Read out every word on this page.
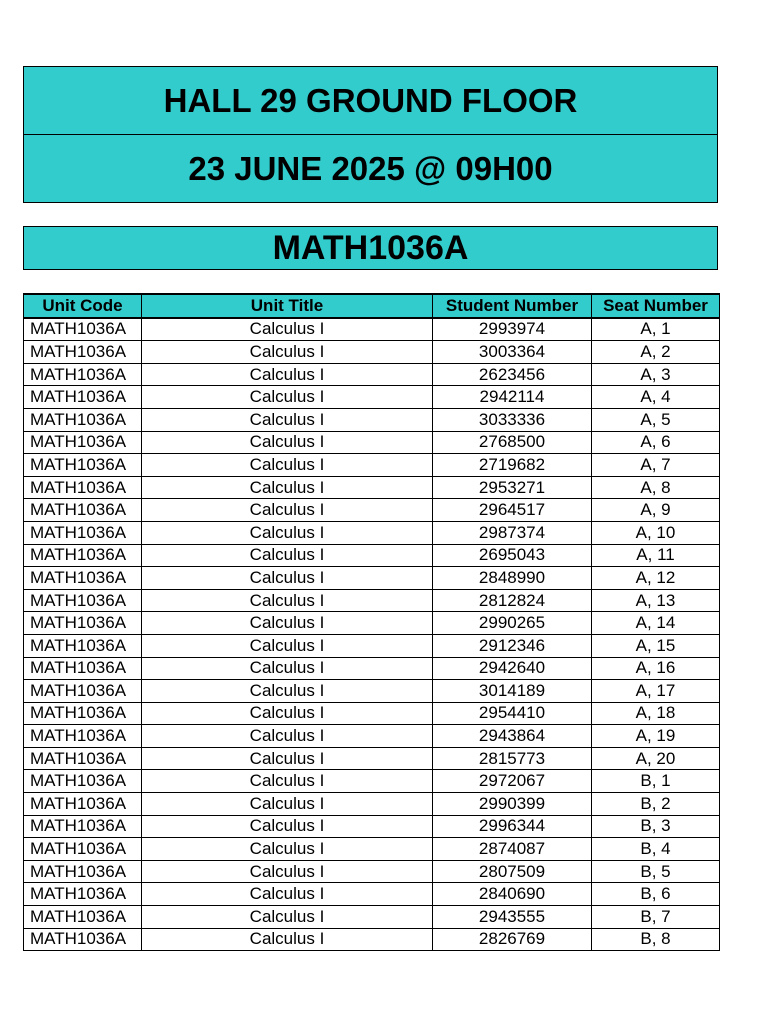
HALL 29 GROUND FLOOR
23 JUNE 2025 @ 09H00
MATH1036A
Unit Code	Unit Title	Student Number	Seat Number
MATH1036A	Calculus I	2993974	A, 1
MATH1036A	Calculus I	3003364	A, 2
MATH1036A	Calculus I	2623456	A, 3
MATH1036A	Calculus I	2942114	A, 4
MATH1036A	Calculus I	3033336	A, 5
MATH1036A	Calculus I	2768500	A, 6
MATH1036A	Calculus I	2719682	A, 7
MATH1036A	Calculus I	2953271	A, 8
MATH1036A	Calculus I	2964517	A, 9
MATH1036A	Calculus I	2987374	A, 10
MATH1036A	Calculus I	2695043	A, 11
MATH1036A	Calculus I	2848990	A, 12
MATH1036A	Calculus I	2812824	A, 13
MATH1036A	Calculus I	2990265	A, 14
MATH1036A	Calculus I	2912346	A, 15
MATH1036A	Calculus I	2942640	A, 16
MATH1036A	Calculus I	3014189	A, 17
MATH1036A	Calculus I	2954410	A, 18
MATH1036A	Calculus I	2943864	A, 19
MATH1036A	Calculus I	2815773	A, 20
MATH1036A	Calculus I	2972067	B, 1
MATH1036A	Calculus I	2990399	B, 2
MATH1036A	Calculus I	2996344	B, 3
MATH1036A	Calculus I	2874087	B, 4
MATH1036A	Calculus I	2807509	B, 5
MATH1036A	Calculus I	2840690	B, 6
MATH1036A	Calculus I	2943555	B, 7
MATH1036A	Calculus I	2826769	B, 8
